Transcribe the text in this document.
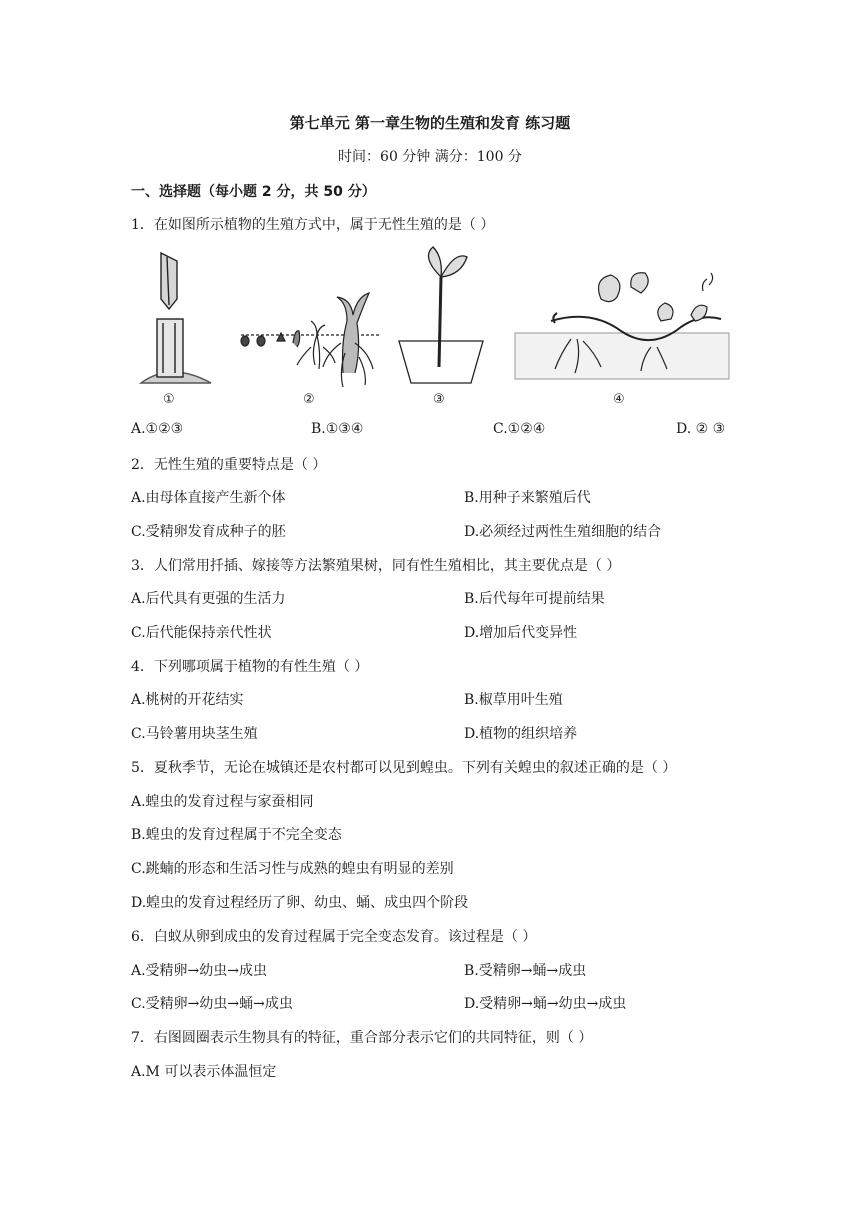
第七单元 第一章生物的生殖和发育 练习题
时间：60 分钟 满分：100 分
一、选择题（每小题 2 分，共 50 分）
1．在如图所示植物的生殖方式中，属于无性生殖的是（ ）
①	②	③	④
A.①②③	B.①③④	C.①②④	D. ② ③
2．无性生殖的重要特点是（ ）
A.由母体直接产生新个体	B.用种子来繁殖后代
C.受精卵发育成种子的胚	D.必须经过两性生殖细胞的结合
3．人们常用扦插、嫁接等方法繁殖果树，同有性生殖相比，其主要优点是（ ）
A.后代具有更强的生活力	B.后代每年可提前结果
C.后代能保持亲代性状	D.增加后代变异性
4．下列哪项属于植物的有性生殖（ ）
A.桃树的开花结实	B.椒草用叶生殖
C.马铃薯用块茎生殖	D.植物的组织培养
5．夏秋季节，无论在城镇还是农村都可以见到蝗虫。下列有关蝗虫的叙述正确的是（ ）
A.蝗虫的发育过程与家蚕相同
B.蝗虫的发育过程属于不完全变态
C.跳蝻的形态和生活习性与成熟的蝗虫有明显的差别
D.蝗虫的发育过程经历了卵、幼虫、蛹、成虫四个阶段
6．白蚁从卵到成虫的发育过程属于完全变态发育。该过程是（ ）
A.受精卵→幼虫→成虫	B.受精卵→蛹→成虫
C.受精卵→幼虫→蛹→成虫	D.受精卵→蛹→幼虫→成虫
7．右图圆圈表示生物具有的特征，重合部分表示它们的共同特征，则（ ）
A.M 可以表示体温恒定
